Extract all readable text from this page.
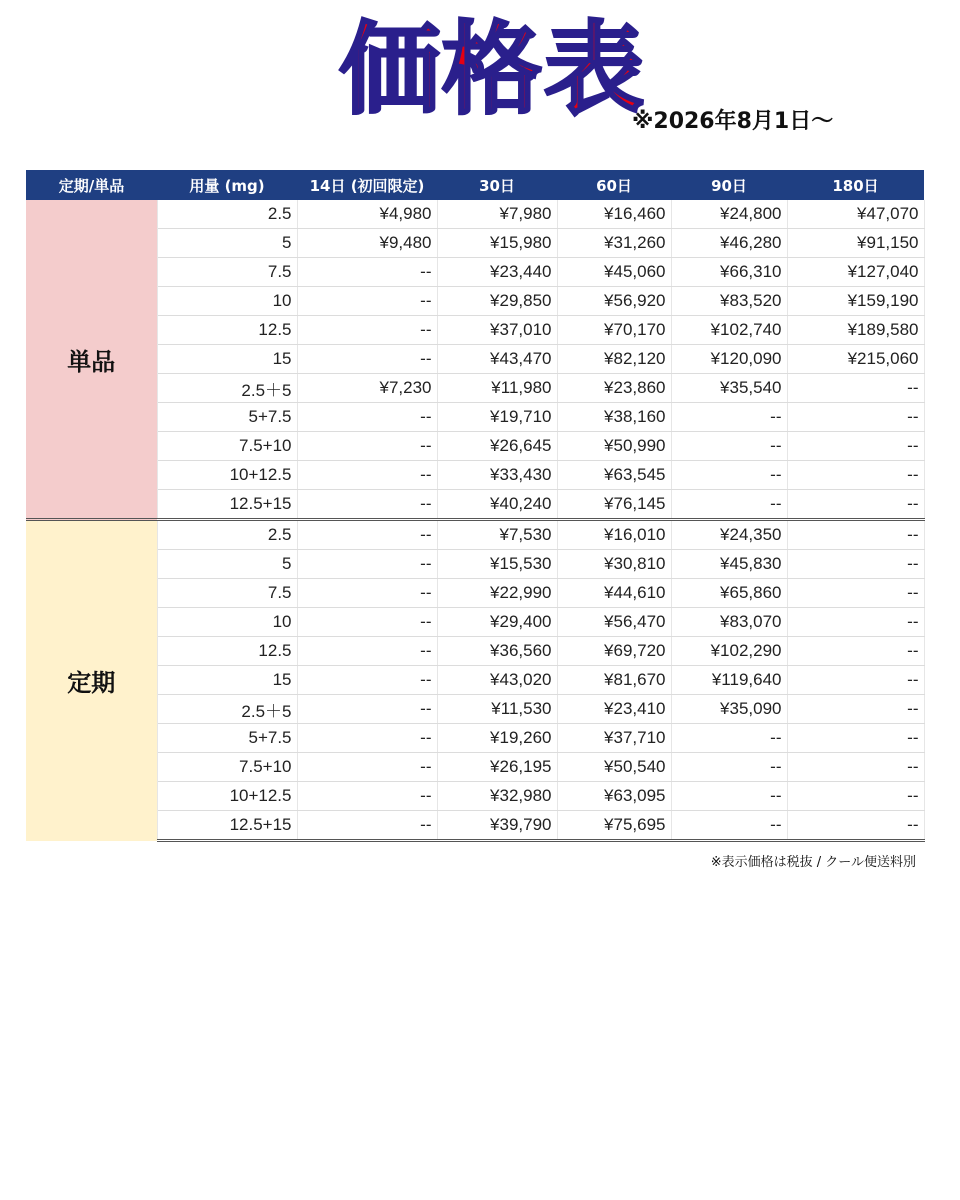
価格表
※2026年8月1日～
定期/単品	用量 (mg)	14日 (初回限定)	30日	60日	90日	180日
単品	2.5	¥4,980	¥7,980	¥16,460	¥24,800	¥47,070
	5	¥9,480	¥15,980	¥31,260	¥46,280	¥91,150
	7.5	--	¥23,440	¥45,060	¥66,310	¥127,040
	10	--	¥29,850	¥56,920	¥83,520	¥159,190
	12.5	--	¥37,010	¥70,170	¥102,740	¥189,580
	15	--	¥43,470	¥82,120	¥120,090	¥215,060
	2.5＋5	¥7,230	¥11,980	¥23,860	¥35,540	--
	5+7.5	--	¥19,710	¥38,160	--	--
	7.5+10	--	¥26,645	¥50,990	--	--
	10+12.5	--	¥33,430	¥63,545	--	--
	12.5+15	--	¥40,240	¥76,145	--	--
定期	2.5	--	¥7,530	¥16,010	¥24,350	--
	5	--	¥15,530	¥30,810	¥45,830	--
	7.5	--	¥22,990	¥44,610	¥65,860	--
	10	--	¥29,400	¥56,470	¥83,070	--
	12.5	--	¥36,560	¥69,720	¥102,290	--
	15	--	¥43,020	¥81,670	¥119,640	--
	2.5＋5	--	¥11,530	¥23,410	¥35,090	--
	5+7.5	--	¥19,260	¥37,710	--	--
	7.5+10	--	¥26,195	¥50,540	--	--
	10+12.5	--	¥32,980	¥63,095	--	--
	12.5+15	--	¥39,790	¥75,695	--	--
※表示価格は税抜 / クール便送料別
